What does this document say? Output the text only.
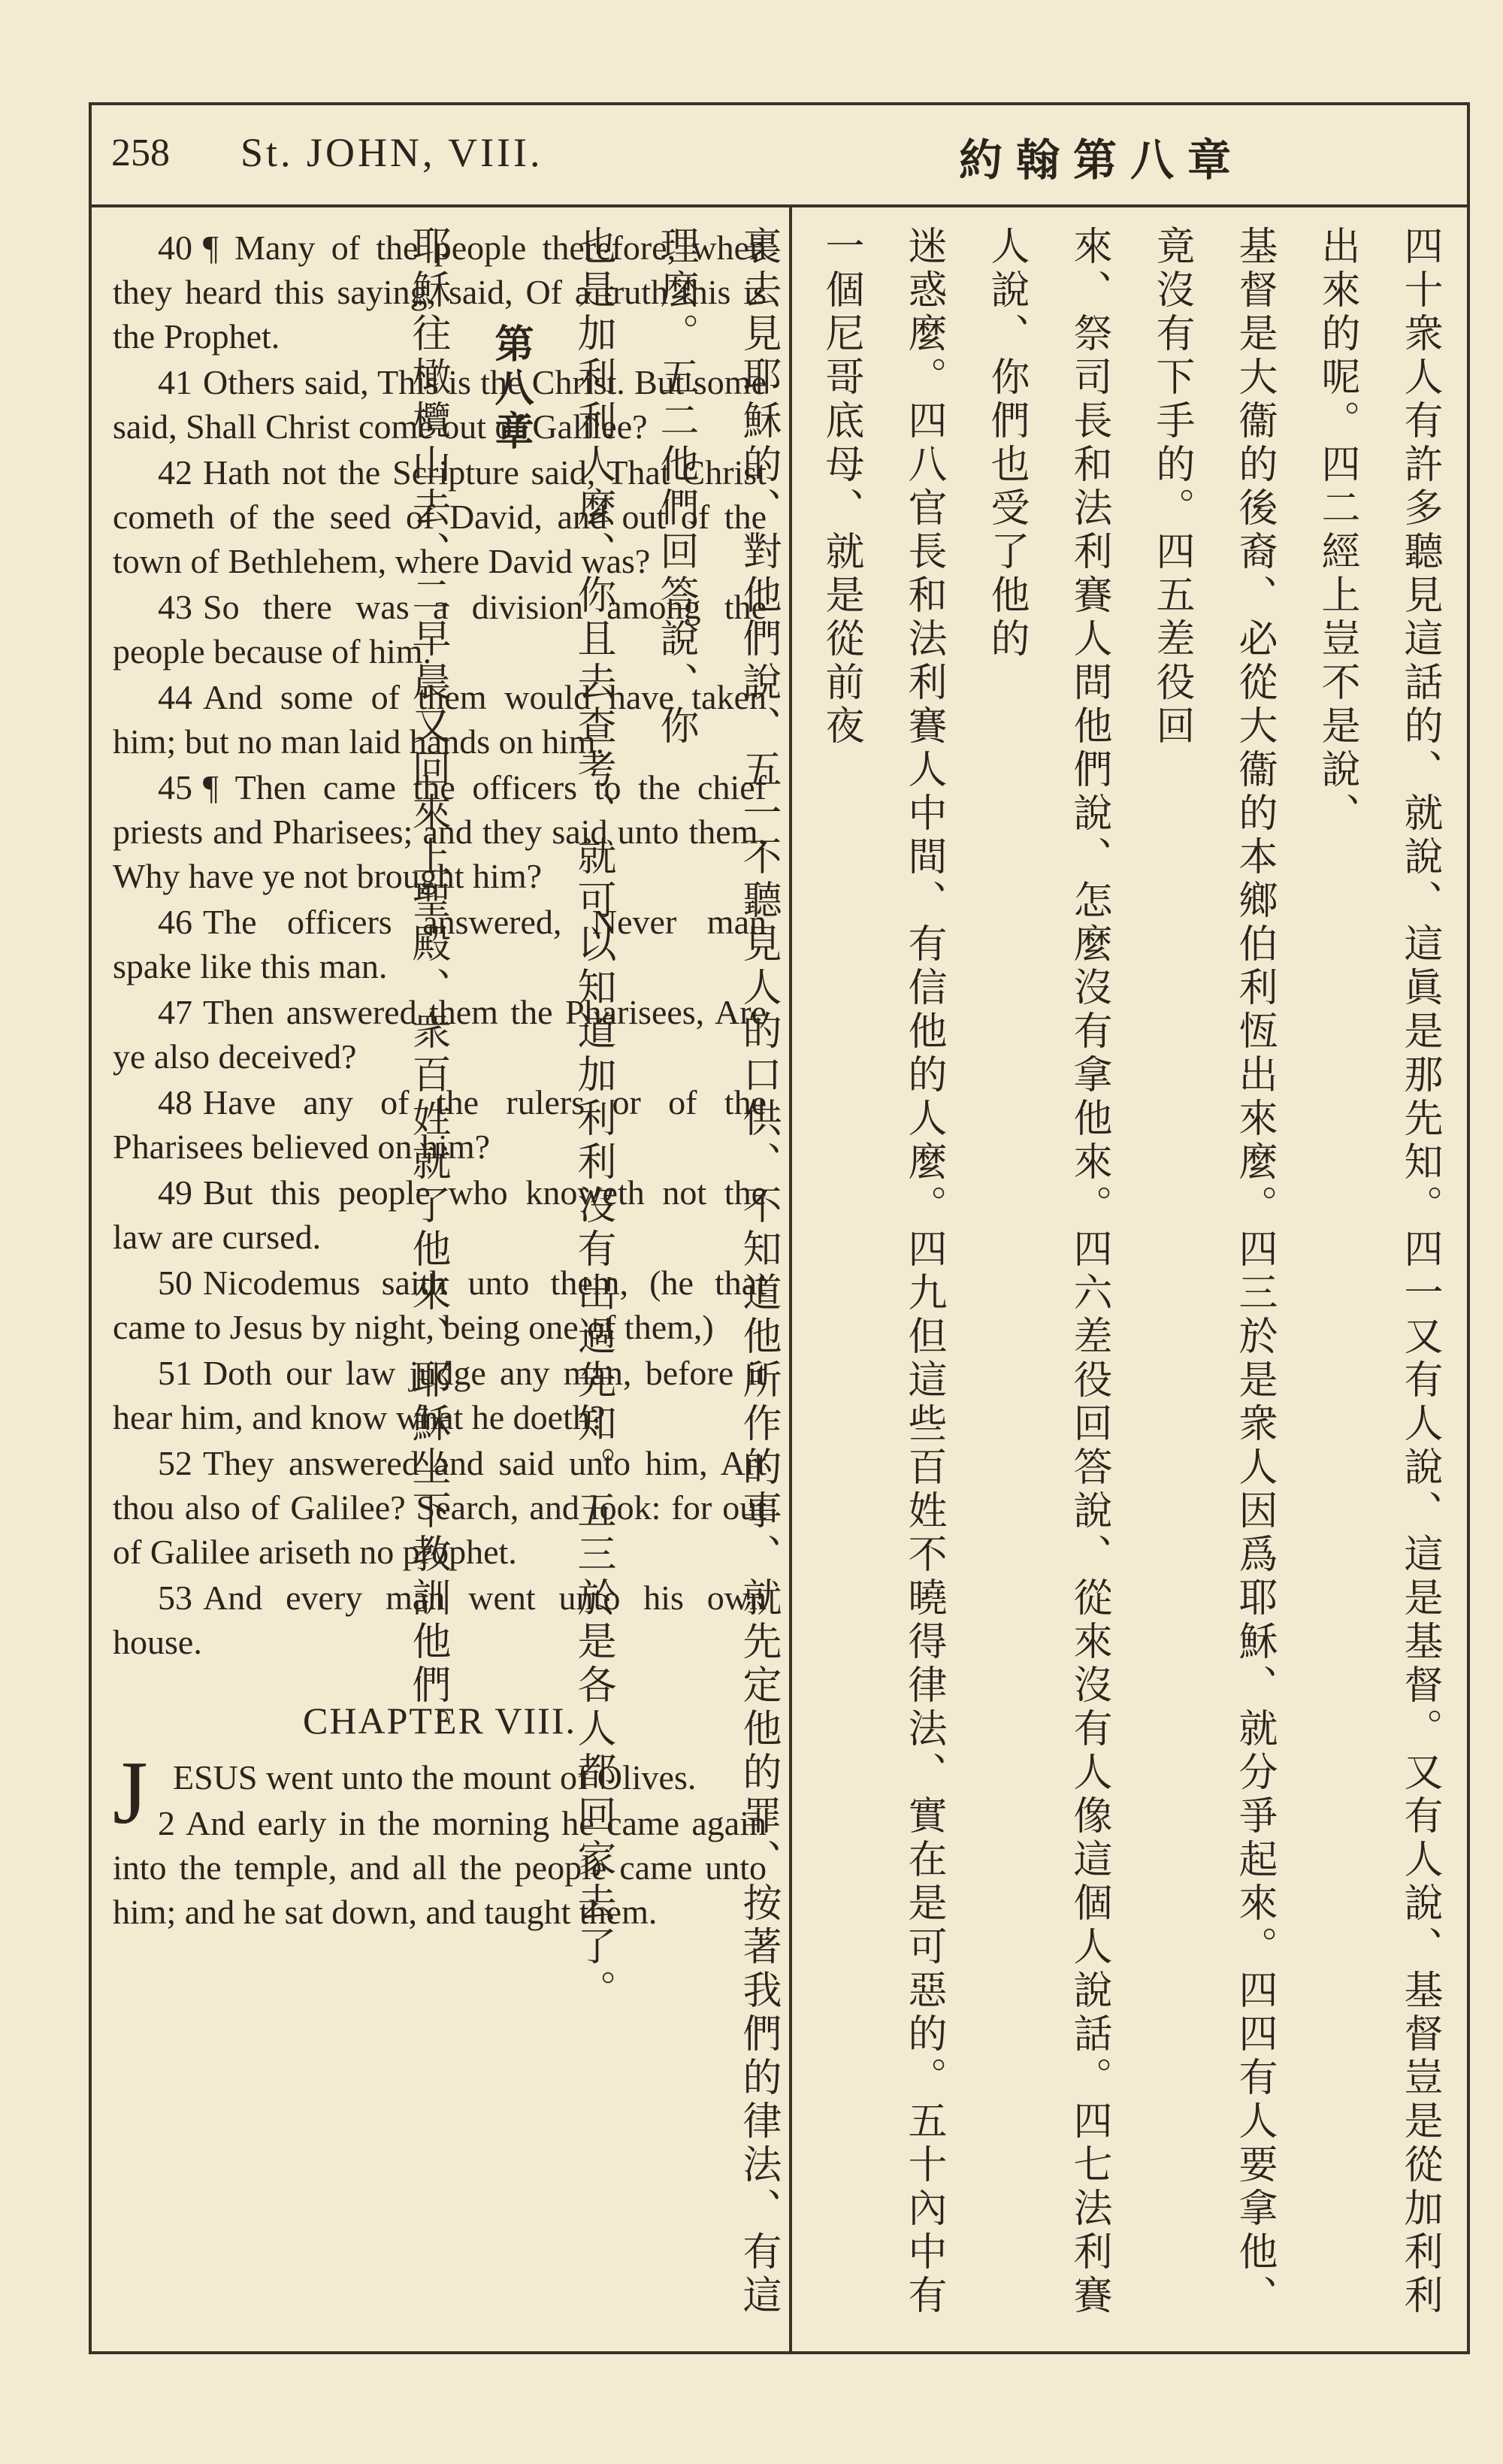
258 St. JOHN, VIII.	約翰第八章

40 ¶ Many of the people therefore, when they heard this saying, said, Of a truth this is the Prophet.

41 Others said, This is the Christ. But some said, Shall Christ come out of Galilee?

42 Hath not the Scripture said, That Christ cometh of the seed of David, and out of the town of Bethlehem, where David was?

43 So there was a division among the people because of him.

44 And some of them would have taken him; but no man laid hands on him.

45 ¶ Then came the officers to the chief priests and Pharisees; and they said unto them, Why have ye not brought him?

46 The officers answered, Never man spake like this man.

47 Then answered them the Pharisees, Are ye also deceived?

48 Have any of the rulers or of the Pharisees believed on him?

49 But this people who knoweth not the law are cursed.

50 Nicodemus saith unto them, (he that came to Jesus by night, being one of them,)

51 Doth our law judge any man, before it hear him, and know what he doeth?

52 They answered and said unto him, Art thou also of Galilee? Search, and look: for out of Galilee ariseth no prophet.

53 And every man went unto his own house.

CHAPTER VIII.

J ESUS went unto the mount of Olives.

2 And early in the morning he came again into the temple, and all the people came unto him; and he sat down, and taught them.	四十衆人有許多聽見這話的、就說、這眞是那先知。四一又有人說、這是基督。又有人說、基督豈是從加利利出來的呢。四二經上豈不是說、

基督是大衞的後裔、必從大衞的本鄉伯利恆出來麼。四三於是衆人因爲耶穌、就分爭起來。四四有人要拿他、竟沒有下手的。四五差役回

來、祭司長和法利賽人問他們說、怎麼沒有拿他來。四六差役回答說、從來沒有人像這個人說話。四七法利賽人說、你們也受了他的

迷惑麼。四八官長和法利賽人中間、有信他的人麼。四九但這些百姓不曉得律法、實在是可惡的。五十內中有一個尼哥底母、就是從前夜

裏去見耶穌的、對他們說、五一不聽見人的口供、不知道他所作的事、就先定他的罪、按著我們的律法、有這理麼。五二他們回答說、你

也是加利利人麼、你且去查考、就可以知道加利利沒有出過先知。五三於是各人都回家去了。

第八章

耶穌往橄欖山去、二早晨又回來上聖殿、衆百姓就了他來、耶穌坐下教訓他們。
